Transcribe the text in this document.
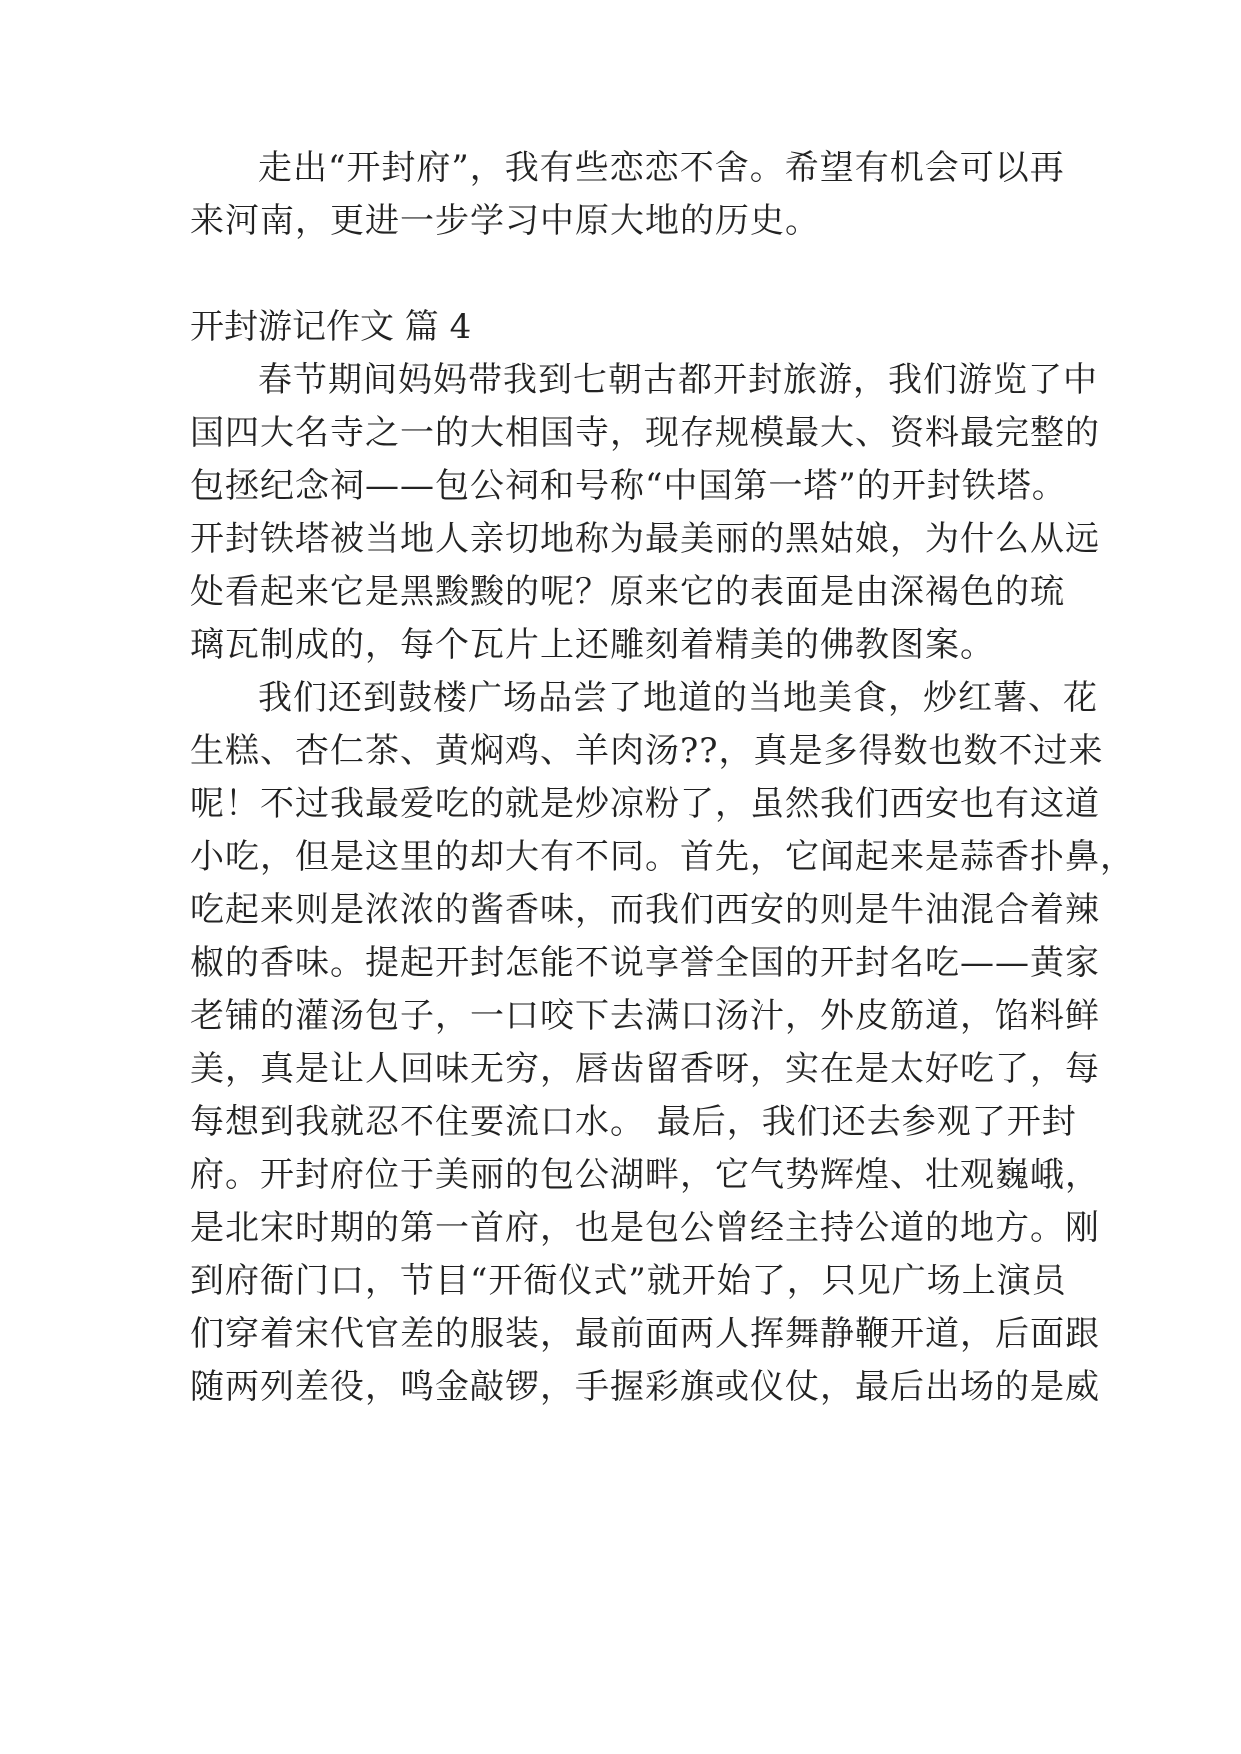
走出“开封府”，我有些恋恋不舍。希望有机会可以再
来河南，更进一步学习中原大地的历史。
开封游记作文 篇 4
春节期间妈妈带我到七朝古都开封旅游，我们游览了中
国四大名寺之一的大相国寺，现存规模最大、资料最完整的
包拯纪念祠——包公祠和号称“中国第一塔”的开封铁塔。
开封铁塔被当地人亲切地称为最美丽的黑姑娘，为什么从远
处看起来它是黑黢黢的呢？原来它的表面是由深褐色的琉
璃瓦制成的，每个瓦片上还雕刻着精美的佛教图案。
我们还到鼓楼广场品尝了地道的当地美食，炒红薯、花
生糕、杏仁茶、黄焖鸡、羊肉汤??，真是多得数也数不过来
呢！不过我最爱吃的就是炒凉粉了，虽然我们西安也有这道
小吃，但是这里的却大有不同。首先，它闻起来是蒜香扑鼻，
吃起来则是浓浓的酱香味，而我们西安的则是牛油混合着辣
椒的香味。提起开封怎能不说享誉全国的开封名吃——黄家
老铺的灌汤包子，一口咬下去满口汤汁，外皮筋道，馅料鲜
美，真是让人回味无穷，唇齿留香呀，实在是太好吃了，每
每想到我就忍不住要流口水。 最后，我们还去参观了开封
府。开封府位于美丽的包公湖畔，它气势辉煌、壮观巍峨，
是北宋时期的第一首府，也是包公曾经主持公道的地方。刚
到府衙门口，节目“开衙仪式”就开始了，只见广场上演员
们穿着宋代官差的服装，最前面两人挥舞静鞭开道，后面跟
随两列差役，鸣金敲锣，手握彩旗或仪仗，最后出场的是威
